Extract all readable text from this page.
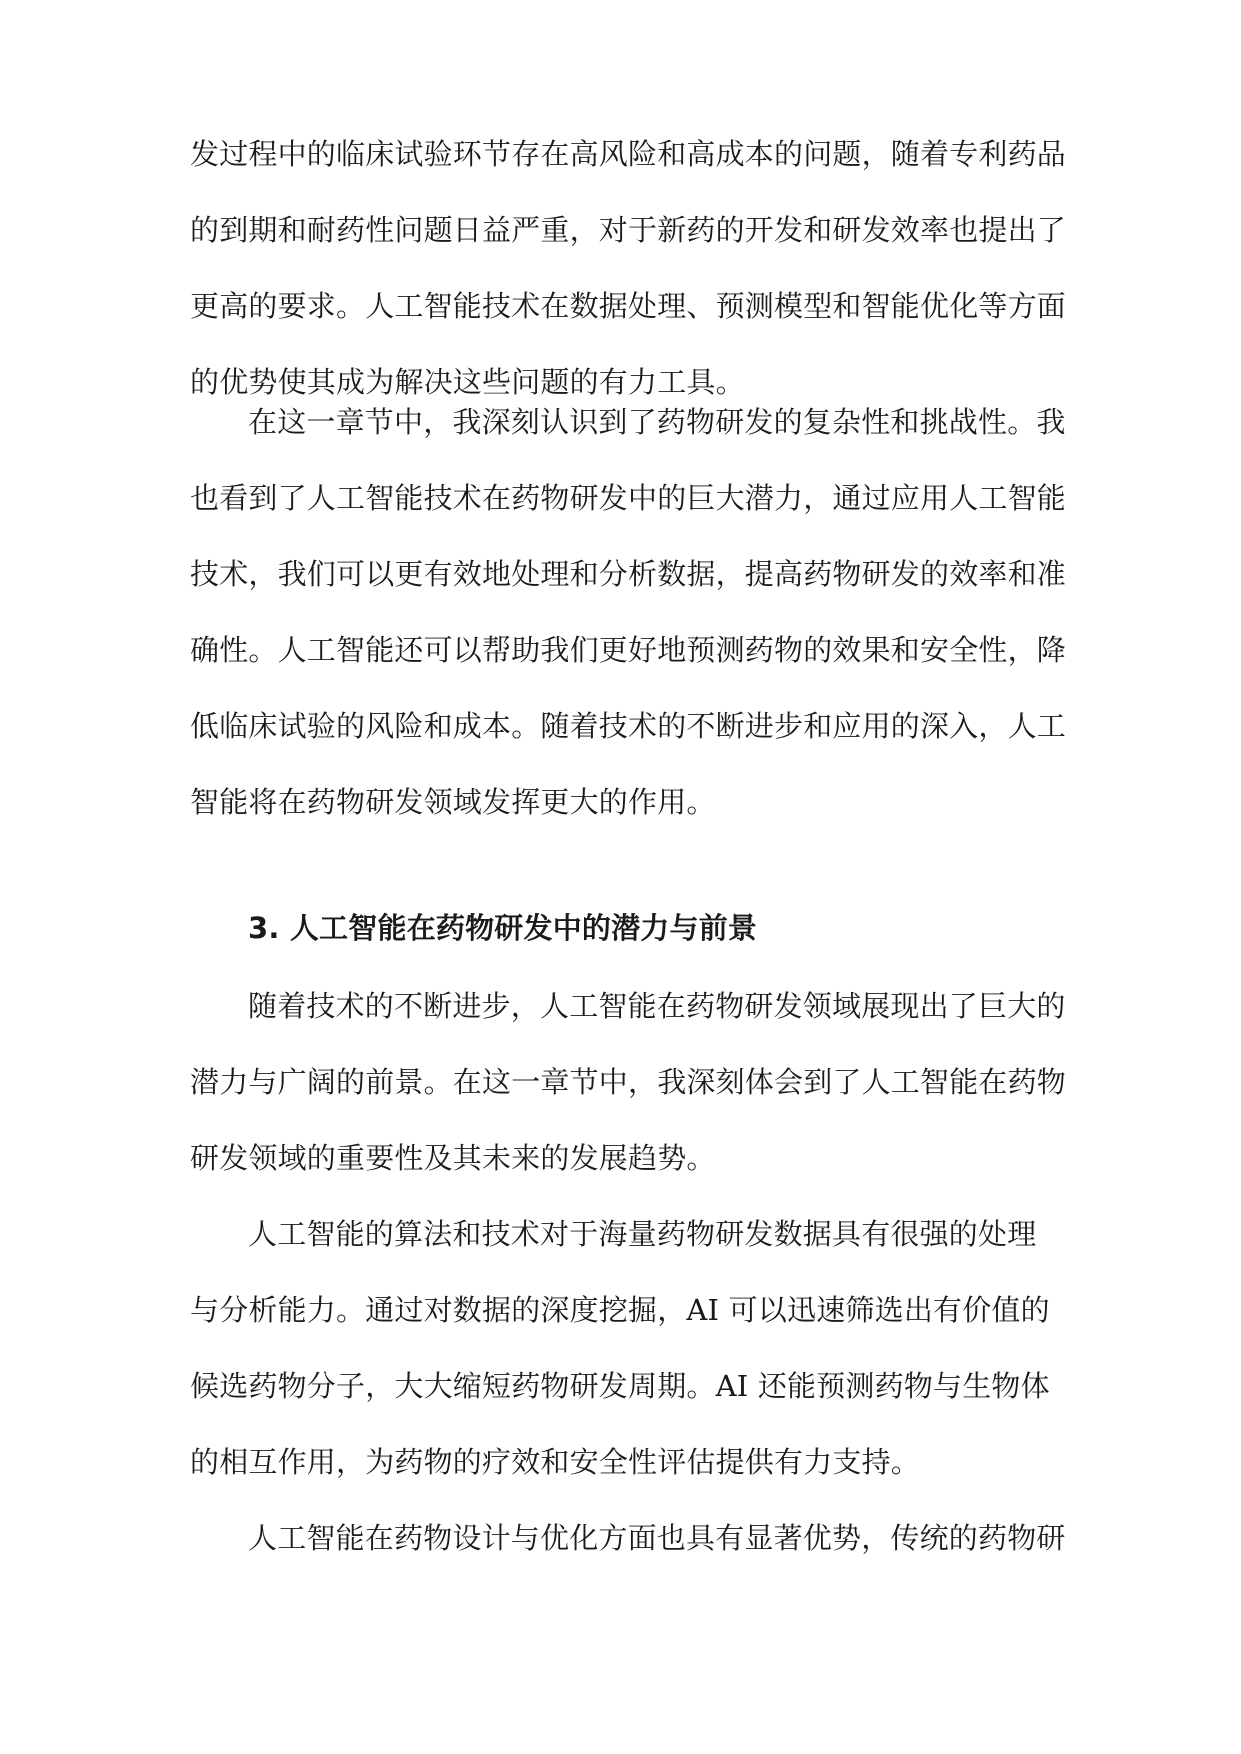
发过程中的临床试验环节存在高风险和高成本的问题，随着专利药品
的到期和耐药性问题日益严重，对于新药的开发和研发效率也提出了
更高的要求。人工智能技术在数据处理、预测模型和智能优化等方面
的优势使其成为解决这些问题的有力工具。
在这一章节中，我深刻认识到了药物研发的复杂性和挑战性。我
也看到了人工智能技术在药物研发中的巨大潜力，通过应用人工智能
技术，我们可以更有效地处理和分析数据，提高药物研发的效率和准
确性。人工智能还可以帮助我们更好地预测药物的效果和安全性，降
低临床试验的风险和成本。随着技术的不断进步和应用的深入，人工
智能将在药物研发领域发挥更大的作用。
3. 人工智能在药物研发中的潜力与前景
随着技术的不断进步，人工智能在药物研发领域展现出了巨大的
潜力与广阔的前景。在这一章节中，我深刻体会到了人工智能在药物
研发领域的重要性及其未来的发展趋势。
人工智能的算法和技术对于海量药物研发数据具有很强的处理
与分析能力。通过对数据的深度挖掘，AI 可以迅速筛选出有价值的
候选药物分子，大大缩短药物研发周期。AI 还能预测药物与生物体
的相互作用，为药物的疗效和安全性评估提供有力支持。
人工智能在药物设计与优化方面也具有显著优势，传统的药物研
